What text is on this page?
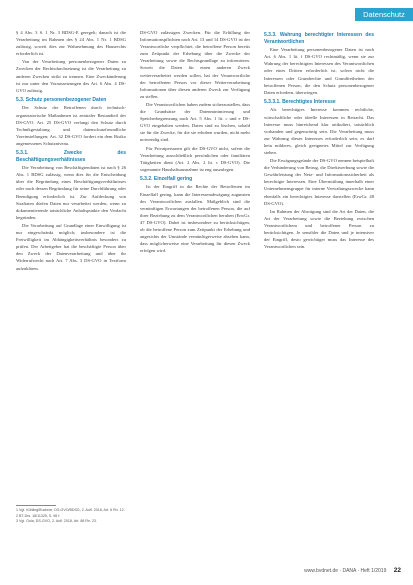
Datenschutz

§ 4 Abs. 3 S. 1 Nr. 3 BDSG-E geregelt; danach ist die Verarbeitung im Rahmen des § 24 Abs. 1 Nr. 1 BDSG zulässig, soweit dies zur Wahrnehmung des Hausrechts erforderlich ist.

Von der Verarbeitung personenbezogener Daten zu Zwecken der Rechtsdurchsetzung ist die Verarbeitung zu anderen Zwecken strikt zu trennen. Eine Zweckänderung ist nur unter den Voraussetzungen des Art. 6 Abs. 4 DS-GVO zulässig.

5.3. Schutz personenbezogener Daten

Der Schutz der Betroffenen durch technisch-organisatorische Maßnahmen ist zentraler Bestandteil der DS-GVO. Art. 25 DS-GVO verlangt den Schutz durch Technikgestaltung und datenschutzfreundliche Voreinstellungen; Art. 32 DS-GVO fordert ein dem Risiko angemessenes Schutzniveau.

5.3.1. Zwecke des Beschäftigungsverhältnisses

Die Verarbeitung von Beschäftigtendaten ist nach § 26 Abs. 1 BDSG zulässig, wenn dies für die Entscheidung über die Begründung eines Beschäftigungsverhältnisses oder nach dessen Begründung für seine Durchführung oder Beendigung erforderlich ist. Zur Aufdeckung von Straftaten dürfen Daten nur verarbeitet werden, wenn zu dokumentierende tatsächliche Anhaltspunkte den Verdacht begründen.

Die Verarbeitung auf Grundlage einer Einwilligung ist nur eingeschränkt möglich; insbesondere ist die Freiwilligkeit im Abhängigkeitsverhältnis besonders zu prüfen. Der Arbeitgeber hat die beschäftigte Person über den Zweck der Datenverarbeitung und über ihr Widerrufsrecht nach Art. 7 Abs. 3 DS-GVO in Textform aufzuklären.

1 Vgl. Kühling/Buchner, DS-GVO/BDSG, 2. Aufl. 2018, Art. 6 Rn. 12.
2 BT-Drs. 18/11325, S. 96 f.
3 Vgl. Gola, DS-GVO, 2. Aufl. 2018, Art. 88 Rn. 23.

DS-GVO zulässigen Zwecken. Für die Erfüllung der Informationspflichten nach Art. 13 und 14 DS-GVO ist der Verantwortliche verpflichtet, die betroffene Person bereits zum Zeitpunkt der Erhebung über die Zwecke der Verarbeitung sowie die Rechtsgrundlage zu informieren. Soweit die Daten für einen anderen Zweck weiterverarbeitet werden sollen, hat der Verantwortliche der betroffenen Person vor dieser Weiterverarbeitung Informationen über diesen anderen Zweck zur Verfügung zu stellen.

Die Verantwortlichen haben zudem sicherzustellen, dass die Grundsätze der Datenminimierung und Speicherbegrenzung nach Art. 5 Abs. 1 lit. c und e DS-GVO eingehalten werden. Daten sind zu löschen, sobald sie für die Zwecke, für die sie erhoben wurden, nicht mehr notwendig sind.

Für Privatpersonen gilt die DS-GVO nicht, sofern die Verarbeitung ausschließlich persönlichen oder familiären Tätigkeiten dient (Art. 2 Abs. 2 lit. c DS-GVO). Die sogenannte Haushaltsausnahme ist eng auszulegen.

5.3.2. Einzelfall gering

Ist der Eingriff in die Rechte der Betroffenen im Einzelfall gering, kann die Interessenabwägung zugunsten des Verantwortlichen ausfallen. Maßgeblich sind die vernünftigen Erwartungen der betroffenen Person, die auf ihrer Beziehung zu dem Verantwortlichen beruhen (ErwGr. 47 DS-GVO). Dabei ist insbesondere zu berücksichtigen, ob die betroffene Person zum Zeitpunkt der Erhebung und angesichts der Umstände vernünftigerweise absehen kann, dass möglicherweise eine Verarbeitung für diesen Zweck erfolgen wird.

5.3.3. Wahrung berechtigter Interessen des Verantwortlichen

Eine Verarbeitung personenbezogener Daten ist nach Art. 6 Abs. 1 lit. f DS-GVO rechtmäßig, wenn sie zur Wahrung der berechtigten Interessen des Verantwortlichen oder eines Dritten erforderlich ist, sofern nicht die Interessen oder Grundrechte und Grundfreiheiten der betroffenen Person, die den Schutz personenbezogener Daten erfordern, überwiegen.

5.3.3.1. Berechtigtes Interesse

Als berechtigtes Interesse kommen rechtliche, wirtschaftliche oder ideelle Interessen in Betracht. Das Interesse muss hinreichend klar artikuliert, tatsächlich vorhanden und gegenwärtig sein. Die Verarbeitung muss zur Wahrung dieses Interesses erforderlich sein; es darf kein milderes, gleich geeignetes Mittel zur Verfügung stehen.

Die Erwägungsgründe der DS-GVO nennen beispielhaft die Verhinderung von Betrug, die Direktwerbung sowie die Gewährleistung der Netz- und Informationssicherheit als berechtigte Interessen. Eine Übermittlung innerhalb einer Unternehmensgruppe für interne Verwaltungszwecke kann ebenfalls ein berechtigtes Interesse darstellen (ErwGr. 48 DS-GVO).

Im Rahmen der Abwägung sind die Art der Daten, die Art der Verarbeitung sowie die Beziehung zwischen Verantwortlichem und betroffener Person zu berücksichtigen. Je sensibler die Daten und je intensiver der Eingriff, desto gewichtiger muss das Interesse des Verantwortlichen sein.

www.bvdnet.de · DANA · Heft 1/2019 22
